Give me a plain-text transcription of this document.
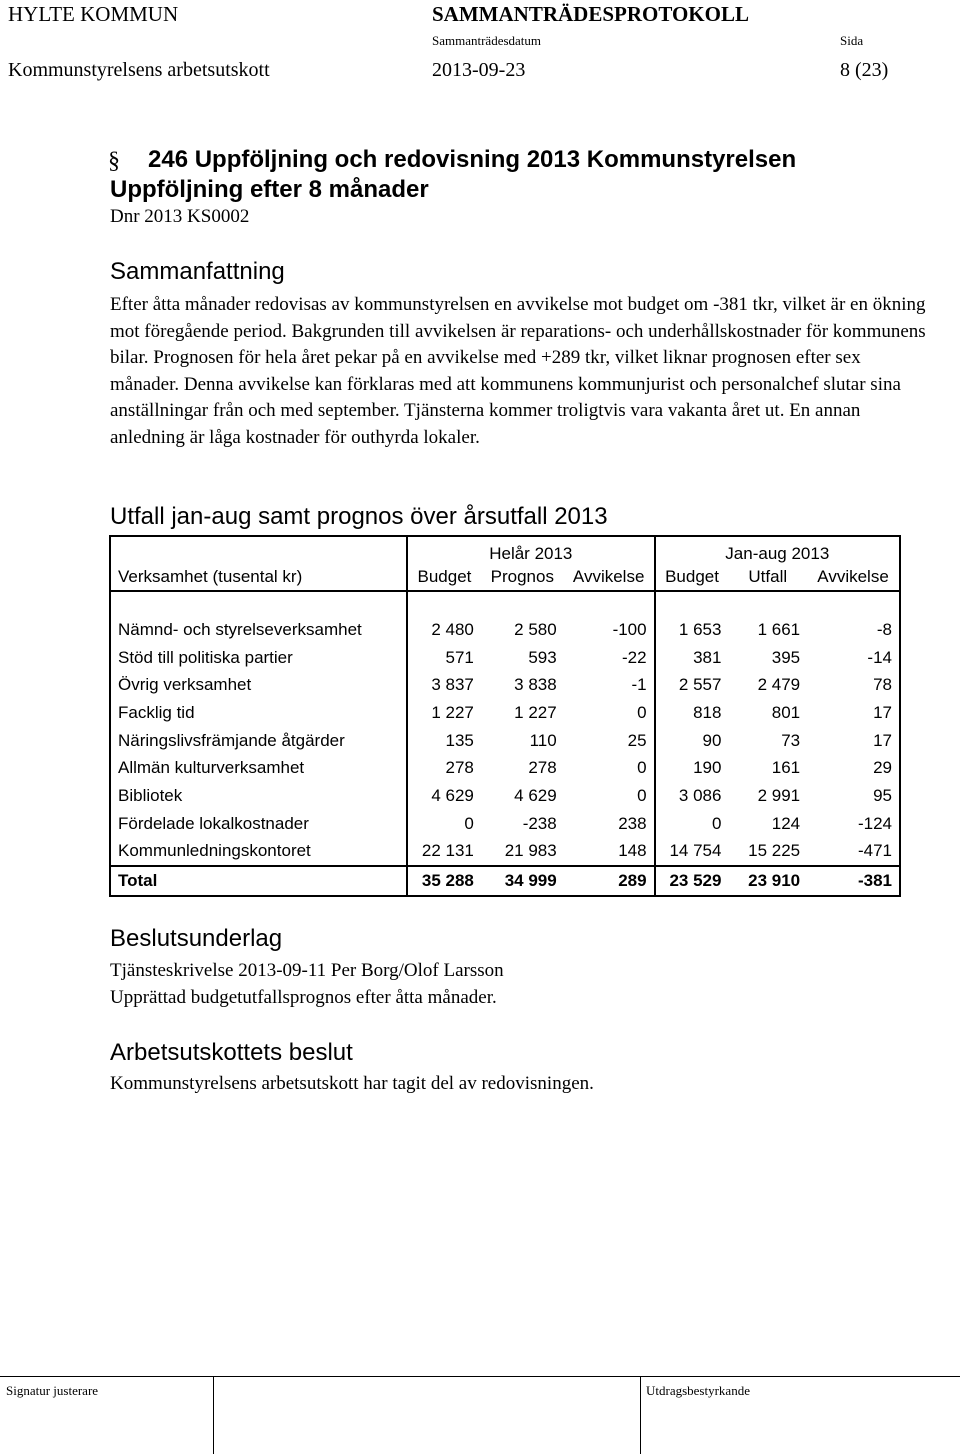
HYLTE KOMMUN	SAMMANTRÄDESPROTOKOLL
Sammanträdesdatum	Sida
Kommunstyrelsens arbetsutskott	2013-09-23	8 (23)
§ 246 Uppföljning och redovisning 2013 Kommunstyrelsen
Uppföljning efter 8 månader
Dnr 2013 KS0002
Sammanfattning
Efter åtta månader redovisas av kommunstyrelsen en avvikelse mot budget om -381 tkr, vilket är en ökning mot föregående period. Bakgrunden till avvikelsen är reparations- och underhållskostnader för kommunens bilar. Prognosen för hela året pekar på en avvikelse med +289 tkr, vilket liknar prognosen efter sex månader. Denna avvikelse kan förklaras med att kommunens kommunjurist och personalchef slutar sina anställningar från och med september. Tjänsterna kommer troligtvis vara vakanta året ut. En annan anledning är låga kostnader för outhyrda lokaler.
Utfall jan-aug samt prognos över årsutfall 2013
	Helår 2013			Jan-aug 2013		
Verksamhet (tusental kr)	Budget	Prognos	Avvikelse	Budget	Utfall	Avvikelse

Nämnd- och styrelseverksamhet	2 480	2 580	-100	1 653	1 661	-8
Stöd till politiska partier	571	593	-22	381	395	-14
Övrig verksamhet	3 837	3 838	-1	2 557	2 479	78
Facklig tid	1 227	1 227	0	818	801	17
Näringslivsfrämjande åtgärder	135	110	25	90	73	17
Allmän kulturverksamhet	278	278	0	190	161	29
Bibliotek	4 629	4 629	0	3 086	2 991	95
Fördelade lokalkostnader	0	-238	238	0	124	-124
Kommunledningskontoret	22 131	21 983	148	14 754	15 225	-471
Total	35 288	34 999	289	23 529	23 910	-381
Beslutsunderlag
Tjänsteskrivelse 2013-09-11 Per Borg/Olof Larsson
Upprättad budgetutfallsprognos efter åtta månader.
Arbetsutskottets beslut
Kommunstyrelsens arbetsutskott har tagit del av redovisningen.
Signatur justerare	Utdragsbestyrkande
